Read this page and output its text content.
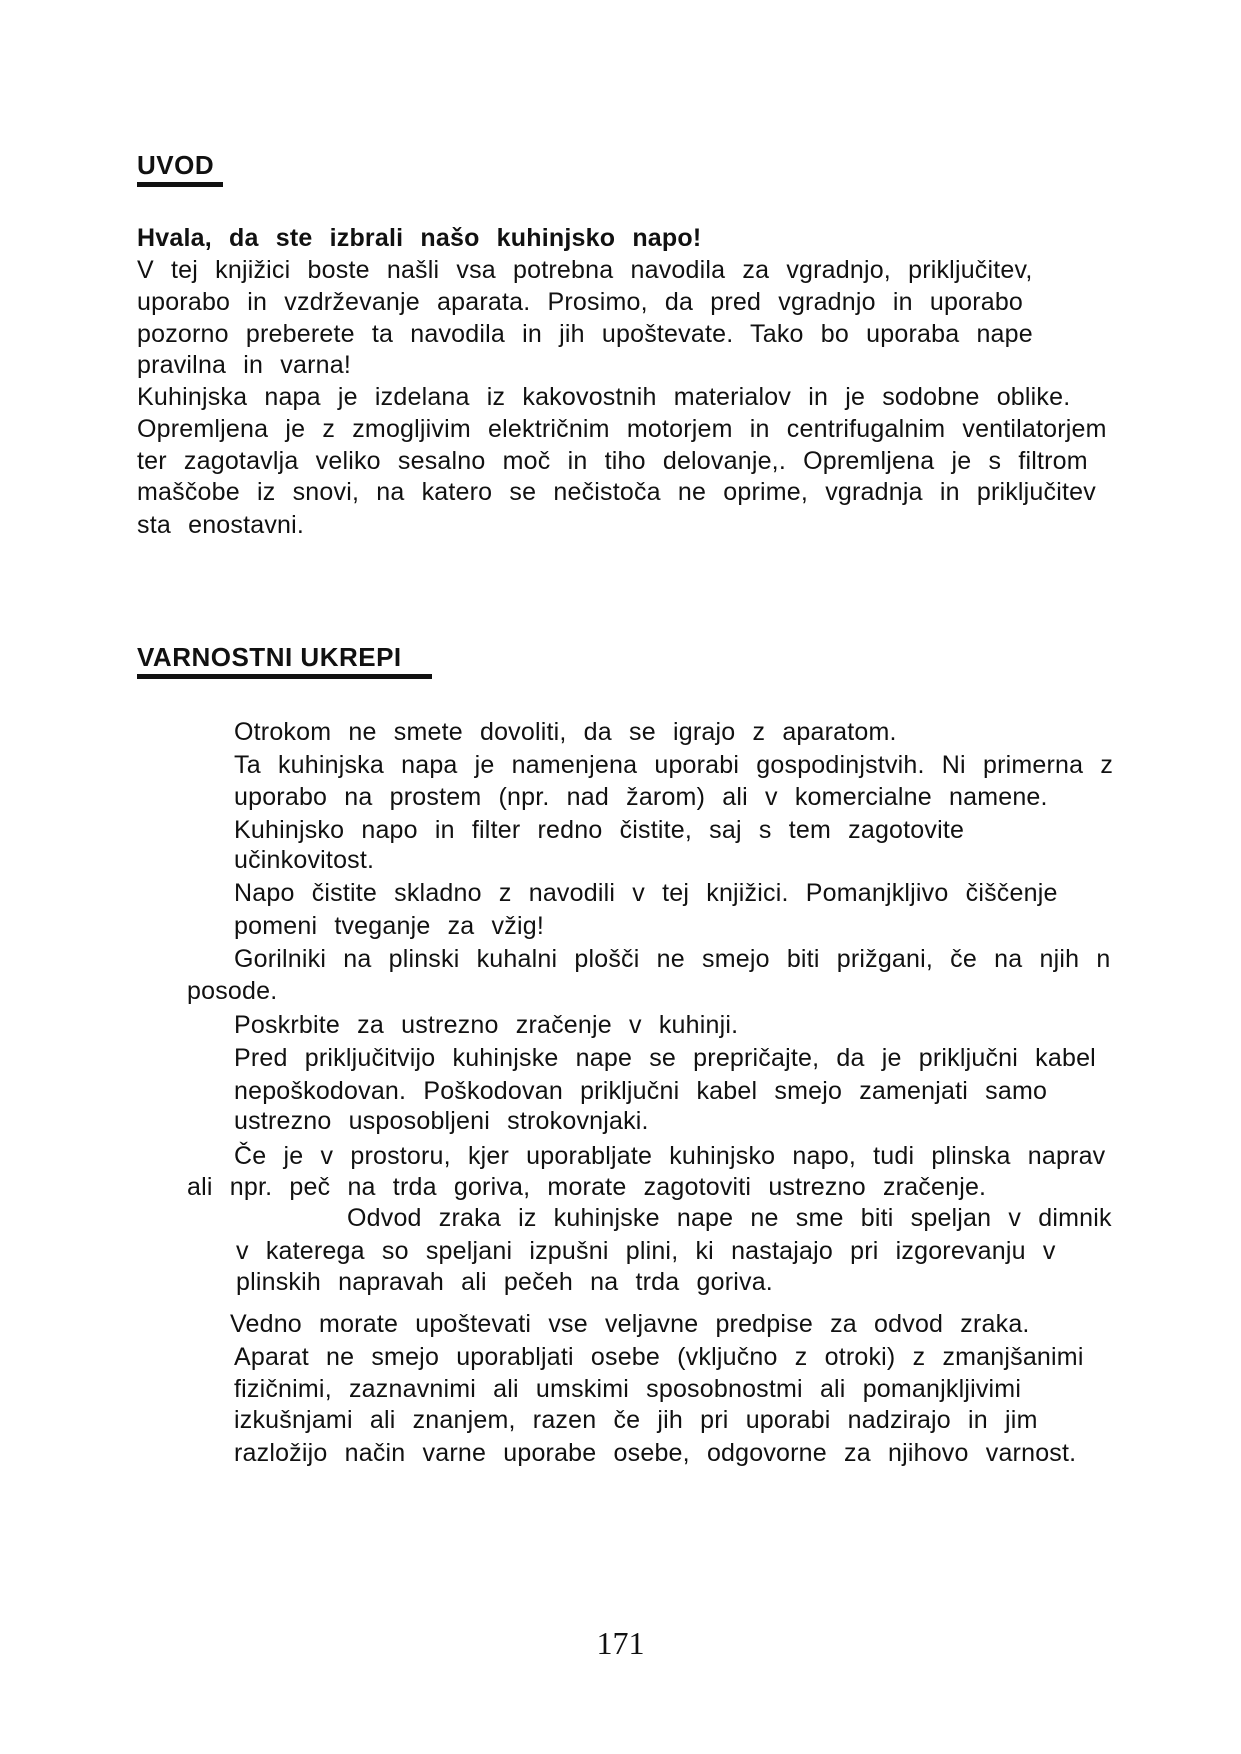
UVOD

Hvala, da ste izbrali našo kuhinjsko napo!

V tej knjižici boste našli vsa potrebna navodila za vgradnjo, priključitev,

uporabo in vzdrževanje aparata. Prosimo, da pred vgradnjo in uporabo

pozorno preberete ta navodila in jih upoštevate. Tako bo uporaba nape

pravilna in varna!

Kuhinjska napa je izdelana iz kakovostnih materialov in je sodobne oblike.

Opremljena je z zmogljivim električnim motorjem in centrifugalnim ventilatorjem

ter zagotavlja veliko sesalno moč in tiho delovanje,. Opremljena je s filtrom

maščobe iz snovi, na katero se nečistoča ne oprime, vgradnja in priključitev

sta enostavni.

VARNOSTNI UKREPI

Otrokom ne smete dovoliti, da se igrajo z aparatom.

Ta kuhinjska napa je namenjena uporabi gospodinjstvih. Ni primerna z

uporabo na prostem (npr. nad žarom) ali v komercialne namene.

Kuhinjsko napo in filter redno čistite, saj s tem zagotovite

učinkovitost.

Napo čistite skladno z navodili v tej knjižici. Pomanjkljivo čiščenje

pomeni tveganje za vžig!

Gorilniki na plinski kuhalni plošči ne smejo biti prižgani, če na njih n

posode.

Poskrbite za ustrezno zračenje v kuhinji.

Pred priključitvijo kuhinjske nape se prepričajte, da je priključni kabel

nepoškodovan. Poškodovan priključni kabel smejo zamenjati samo

ustrezno usposobljeni strokovnjaki.

Če je v prostoru, kjer uporabljate kuhinjsko napo, tudi plinska naprav

ali npr. peč na trda goriva, morate zagotoviti ustrezno zračenje.

Odvod zraka iz kuhinjske nape ne sme biti speljan v dimnik

v katerega so speljani izpušni plini, ki nastajajo pri izgorevanju v

plinskih napravah ali pečeh na trda goriva.

Vedno morate upoštevati vse veljavne predpise za odvod zraka.

Aparat ne smejo uporabljati osebe (vključno z otroki) z zmanjšanimi

fizičnimi, zaznavnimi ali umskimi sposobnostmi ali pomanjkljivimi

izkušnjami ali znanjem, razen če jih pri uporabi nadzirajo in jim

razložijo način varne uporabe osebe, odgovorne za njihovo varnost.

171
